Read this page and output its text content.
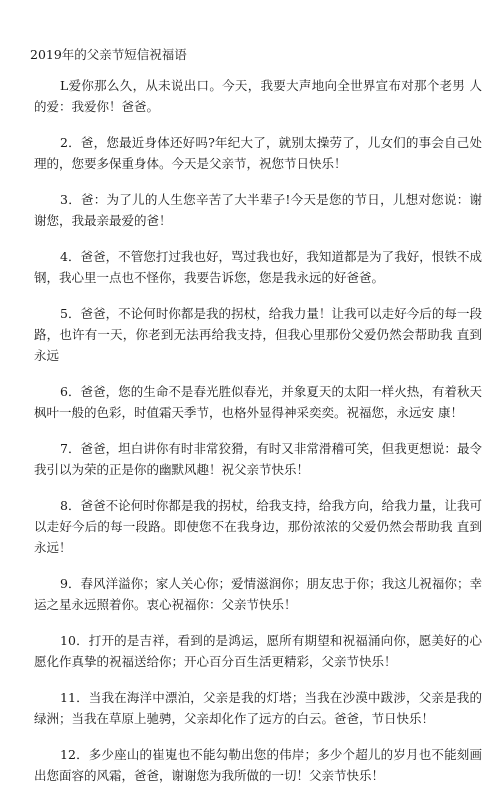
2019年的父亲节短信祝福语

L爱你那么久，从未说出口。今天，我要大声地向全世界宣布对那个老男 人的爱：我爱你！爸爸。

2．爸，您最近身体还好吗?年纪大了，就别太操劳了，儿女们的事会自己处理的，您要多保重身体。今天是父亲节，祝您节日快乐！

3．爸：为了儿的人生您辛苦了大半辈子!今天是您的节日，儿想对您说：谢谢您，我最亲最爱的爸！

4．爸爸，不管您打过我也好，骂过我也好，我知道都是为了我好，恨铁不成钢，我心里一点也不怪你，我要告诉您，您是我永远的好爸爸。

5．爸爸，不论何时你都是我的拐杖，给我力量！让我可以走好今后的每一段路，也许有一天，你老到无法再给我支持，但我心里那份父爱仍然会帮助我 直到永远

6．爸爸，您的生命不是春光胜似春光，并象夏天的太阳一样火热，有着秋天枫叶一般的色彩，时值霜天季节，也格外显得神采奕奕。祝福您，永远安 康！

7．爸爸，坦白讲你有时非常狡猾，有时又非常滑稽可笑，但我更想说：最令我引以为荣的正是你的幽默风趣！祝父亲节快乐！

8．爸爸不论何时你都是我的拐杖，给我支持，给我方向，给我力量，让我可以走好今后的每一段路。即使您不在我身边，那份浓浓的父爱仍然会帮助我 直到永远！

9．春风洋溢你；家人关心你；爱情滋润你；朋友忠于你；我这儿祝福你；幸运之星永远照着你。衷心祝福你：父亲节快乐！

10．打开的是吉祥，看到的是鸿运，愿所有期望和祝福涌向你，愿美好的心愿化作真挚的祝福送给你；开心百分百生活更精彩，父亲节快乐！

11．当我在海洋中漂泊，父亲是我的灯塔；当我在沙漠中跋涉，父亲是我的 绿洲；当我在草原上驰骋，父亲却化作了远方的白云。爸爸，节日快乐！

12．多少座山的崔嵬也不能勾勒出您的伟岸；多少个超儿的岁月也不能刻画出您面容的风霜，爸爸，谢谢您为我所做的一切！父亲节快乐！
